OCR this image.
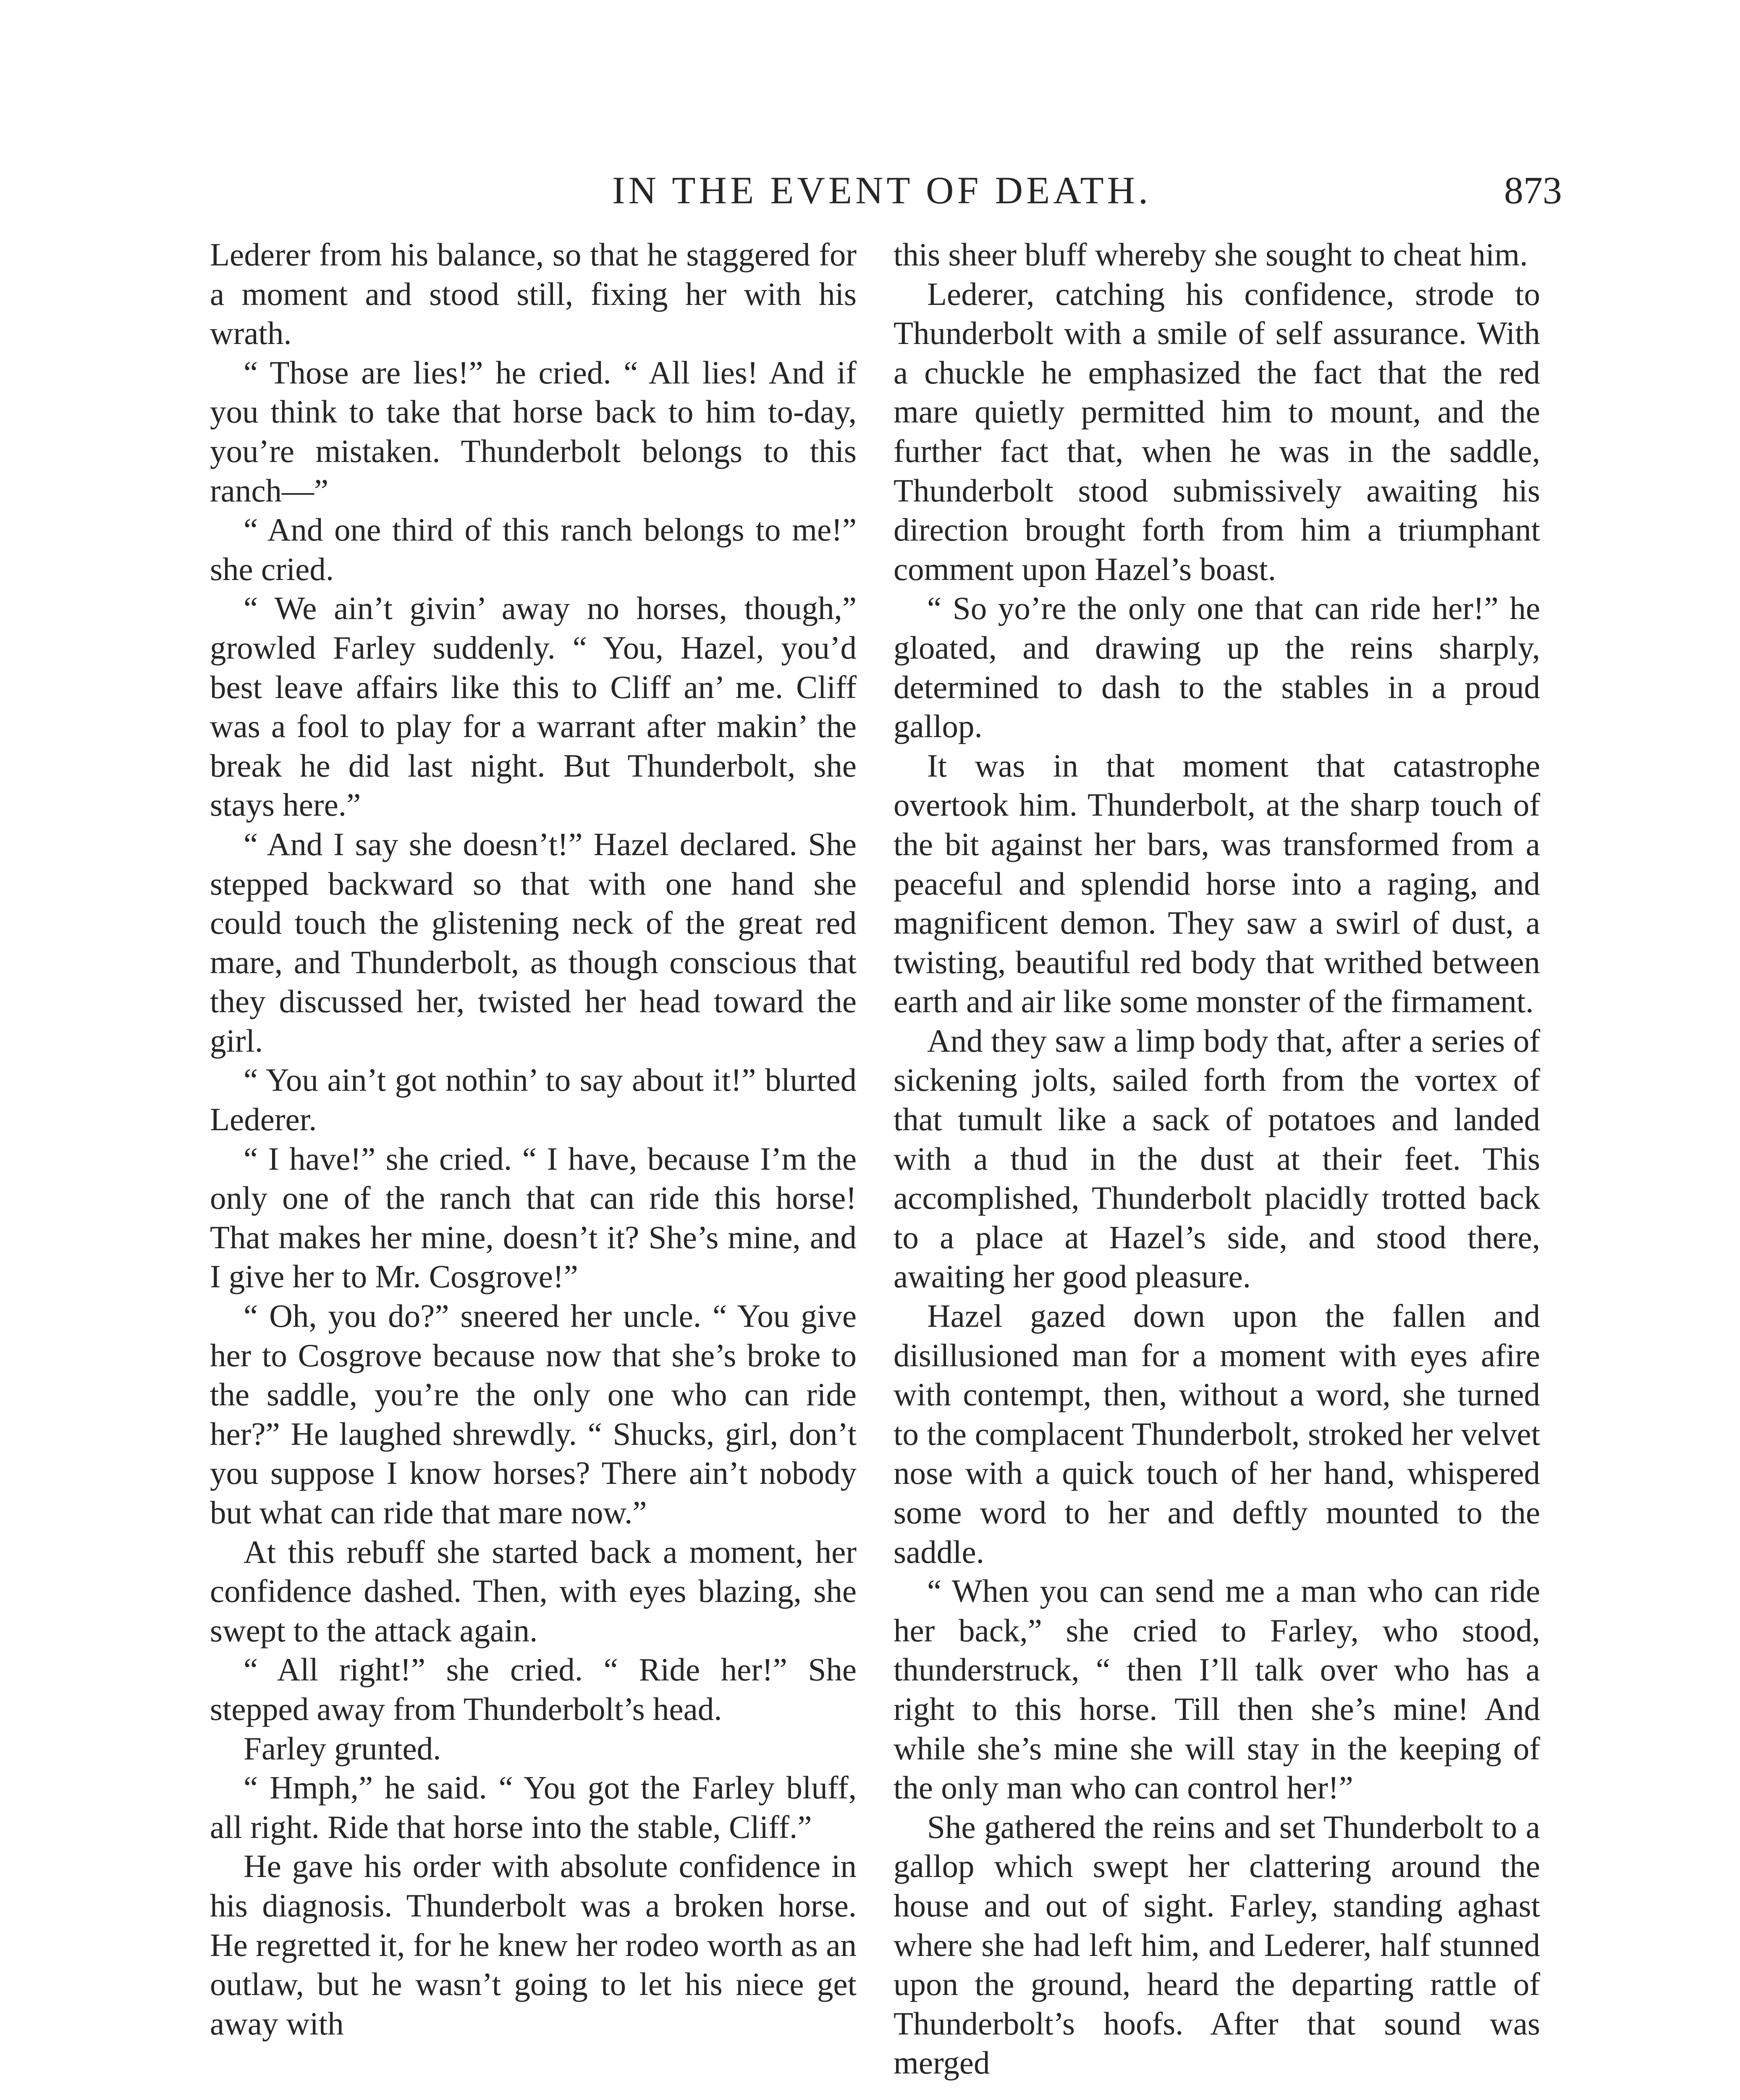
IN THE EVENT OF DEATH.	873

Lederer from his balance, so that he staggered for a moment and stood still, fixing her with his wrath.

“ Those are lies!” he cried. “ All lies! And if you think to take that horse back to him to-day, you’re mistaken. Thunderbolt belongs to this ranch—”

“ And one third of this ranch belongs to me!” she cried.

“ We ain’t givin’ away no horses, though,” growled Farley suddenly. “ You, Hazel, you’d best leave affairs like this to Cliff an’ me. Cliff was a fool to play for a warrant after makin’ the break he did last night. But Thunderbolt, she stays here.”

“ And I say she doesn’t!” Hazel declared. She stepped backward so that with one hand she could touch the glistening neck of the great red mare, and Thunderbolt, as though conscious that they discussed her, twisted her head toward the girl.

“ You ain’t got nothin’ to say about it!” blurted Lederer.

“ I have!” she cried. “ I have, because I’m the only one of the ranch that can ride this horse! That makes her mine, doesn’t it? She’s mine, and I give her to Mr. Cosgrove!”

“ Oh, you do?” sneered her uncle. “ You give her to Cosgrove because now that she’s broke to the saddle, you’re the only one who can ride her?” He laughed shrewdly. “ Shucks, girl, don’t you suppose I know horses? There ain’t nobody but what can ride that mare now.”

At this rebuff she started back a moment, her confidence dashed. Then, with eyes blazing, she swept to the attack again.

“ All right!” she cried. “ Ride her!” She stepped away from Thunderbolt’s head.

Farley grunted.

“ Hmph,” he said. “ You got the Farley bluff, all right. Ride that horse into the stable, Cliff.”

He gave his order with absolute confidence in his diagnosis. Thunderbolt was a broken horse. He regretted it, for he knew her rodeo worth as an outlaw, but he wasn’t going to let his niece get away with

this sheer bluff whereby she sought to cheat him.

Lederer, catching his confidence, strode to Thunderbolt with a smile of self assurance. With a chuckle he emphasized the fact that the red mare quietly permitted him to mount, and the further fact that, when he was in the saddle, Thunderbolt stood submissively awaiting his direction brought forth from him a triumphant comment upon Hazel’s boast.

“ So yo’re the only one that can ride her!” he gloated, and drawing up the reins sharply, determined to dash to the stables in a proud gallop.

It was in that moment that catastrophe overtook him. Thunderbolt, at the sharp touch of the bit against her bars, was transformed from a peaceful and splendid horse into a raging, and magnificent demon. They saw a swirl of dust, a twisting, beautiful red body that writhed between earth and air like some monster of the firmament.

And they saw a limp body that, after a series of sickening jolts, sailed forth from the vortex of that tumult like a sack of potatoes and landed with a thud in the dust at their feet. This accomplished, Thunderbolt placidly trotted back to a place at Hazel’s side, and stood there, awaiting her good pleasure.

Hazel gazed down upon the fallen and disillusioned man for a moment with eyes afire with contempt, then, without a word, she turned to the complacent Thunderbolt, stroked her velvet nose with a quick touch of her hand, whispered some word to her and deftly mounted to the saddle.

“ When you can send me a man who can ride her back,” she cried to Farley, who stood, thunderstruck, “ then I’ll talk over who has a right to this horse. Till then she’s mine! And while she’s mine she will stay in the keeping of the only man who can control her!”

She gathered the reins and set Thunderbolt to a gallop which swept her clattering around the house and out of sight. Farley, standing aghast where she had left him, and Lederer, half stunned upon the ground, heard the departing rattle of Thunderbolt’s hoofs. After that sound was merged
